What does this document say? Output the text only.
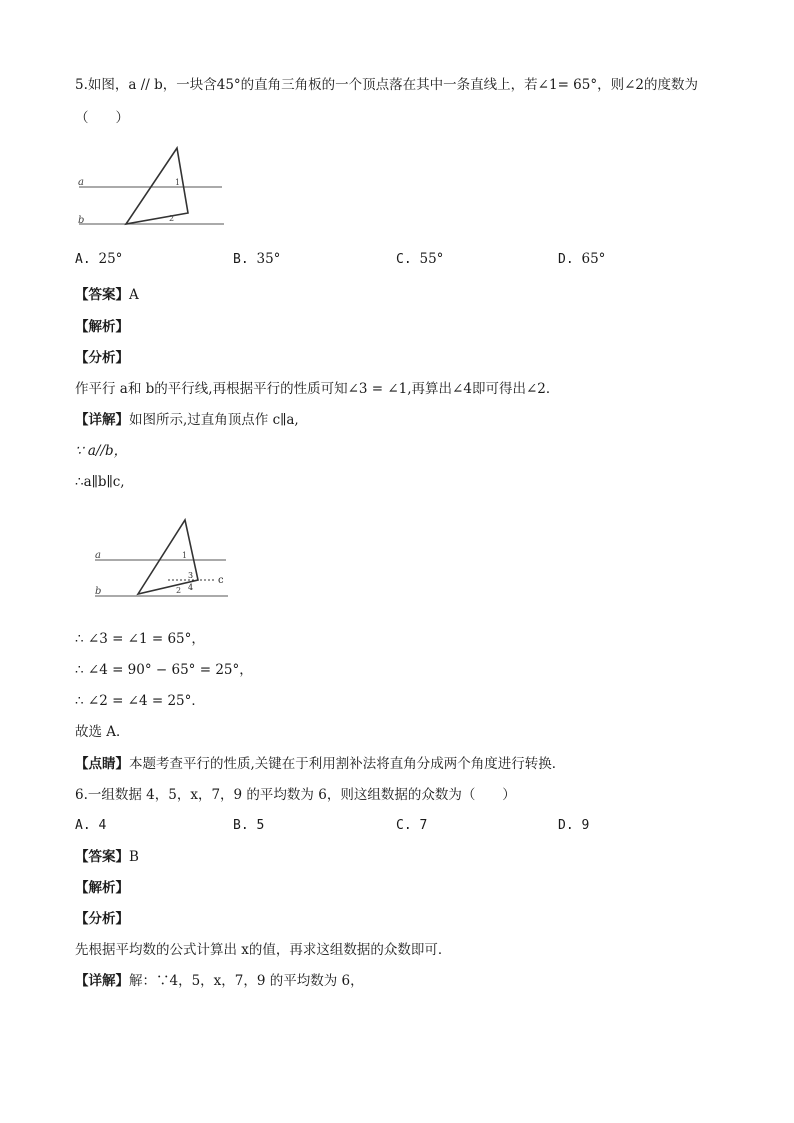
5.如图，a // b，一块含45°的直角三角板的一个顶点落在其中一条直线上，若∠1= 65°，则∠2的度数为
（　　）
a
b
1
2
A. 25°	B. 35°	C. 55°	D. 65°
【答案】A
【解析】
【分析】
作平行 a和 b的平行线,再根据平行的性质可知∠3 = ∠1,再算出∠4即可得出∠2．
【详解】如图所示,过直角顶点作 c∥a,
∵ a//b，
∴a∥b∥c,
a
b
c
1
2
3
4
∴ ∠3 = ∠1 = 65°，
∴ ∠4 = 90° − 65° = 25°，
∴ ∠2 = ∠4 = 25°．
故选 A．
【点睛】本题考查平行的性质,关键在于利用割补法将直角分成两个角度进行转换．
6.一组数据 4，5，x，7，9 的平均数为 6，则这组数据的众数为（　　）
A. 4	B. 5	C. 7	D. 9
【答案】B
【解析】
【分析】
先根据平均数的公式计算出 x的值，再求这组数据的众数即可．
【详解】解：∵4，5，x，7，9 的平均数为 6，
